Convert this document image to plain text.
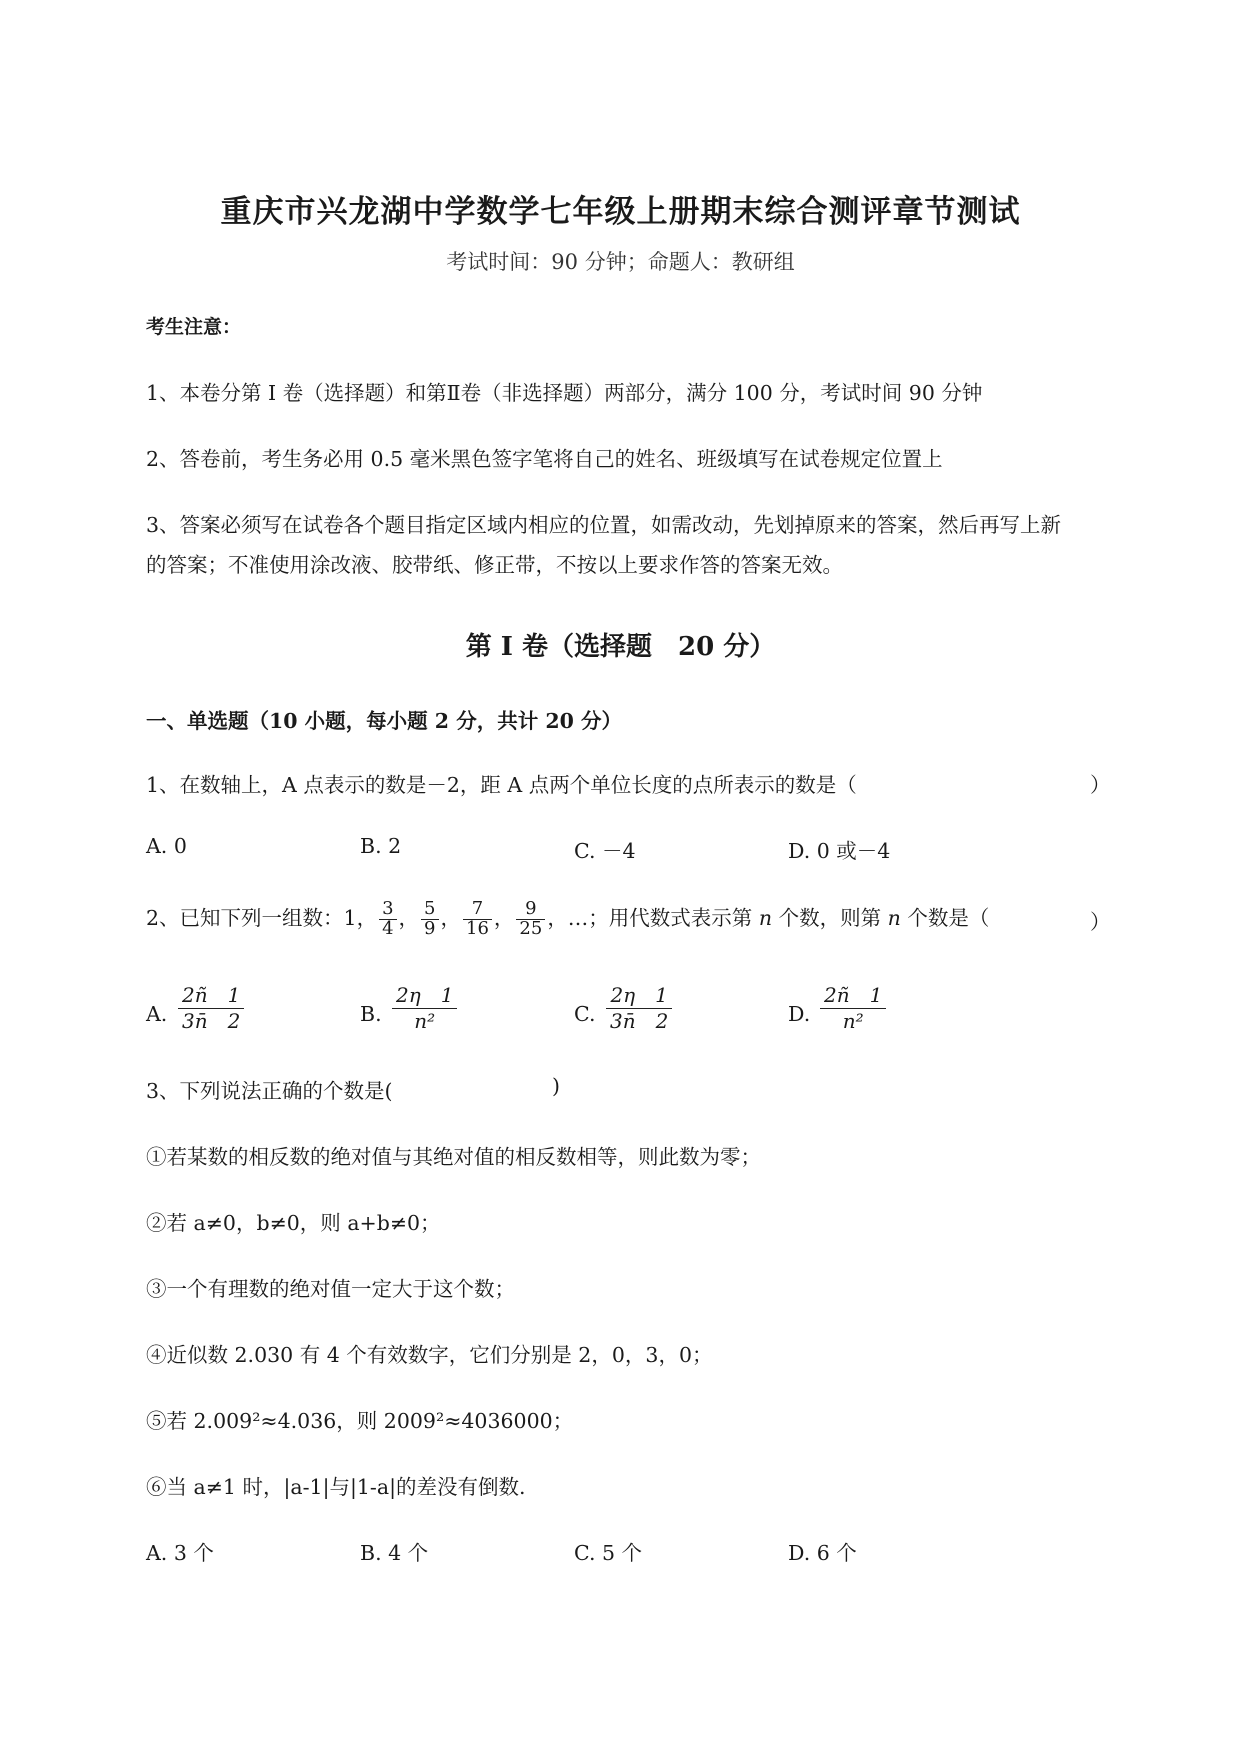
重庆市兴龙湖中学数学七年级上册期末综合测评章节测试
考试时间：90 分钟；命题人：教研组
考生注意：
1、本卷分第 I 卷（选择题）和第Ⅱ卷（非选择题）两部分，满分 100 分，考试时间 90 分钟
2、答卷前，考生务必用 0.5 毫米黑色签字笔将自己的姓名、班级填写在试卷规定位置上
3、答案必须写在试卷各个题目指定区域内相应的位置，如需改动，先划掉原来的答案，然后再写上新
的答案；不准使用涂改液、胶带纸、修正带，不按以上要求作答的答案无效。
第 I 卷（选择题　20 分）
一、单选题（10 小题，每小题 2 分，共计 20 分）
1、在数轴上，A 点表示的数是－2，距 A 点两个单位长度的点所表示的数是（	）
A. 0	B. 2	C. －4	D. 0 或－4
2、已知下列一组数：1， $\frac{3}{4}$ ， $\frac{5}{9}$ ， $\frac{7}{16}$ ， $\frac{9}{25}$ ，…；用代数式表示第 n 个数，则第 n 个数是（	）
A. $\frac{2ñ 1}{3n̄ 2}$	B. $\frac{2\eta 1}{\text{n²}}$	C. $\frac{2\eta 1}{3n̄ 2}$	D. $\frac{2ñ 1}{\text{n²}}$
3、下列说法正确的个数是(	)
①若某数的相反数的绝对值与其绝对值的相反数相等，则此数为零；
②若 a≠0，b≠0，则 a+b≠0；
③一个有理数的绝对值一定大于这个数；
④近似数 2.030 有 4 个有效数字，它们分别是 2，0，3，0；
⑤若 2.009²≈4.036，则 2009²≈4036000；
⑥当 a≠1 时，|a-1|与|1-a|的差没有倒数.
A. 3 个	B. 4 个	C. 5 个	D. 6 个
